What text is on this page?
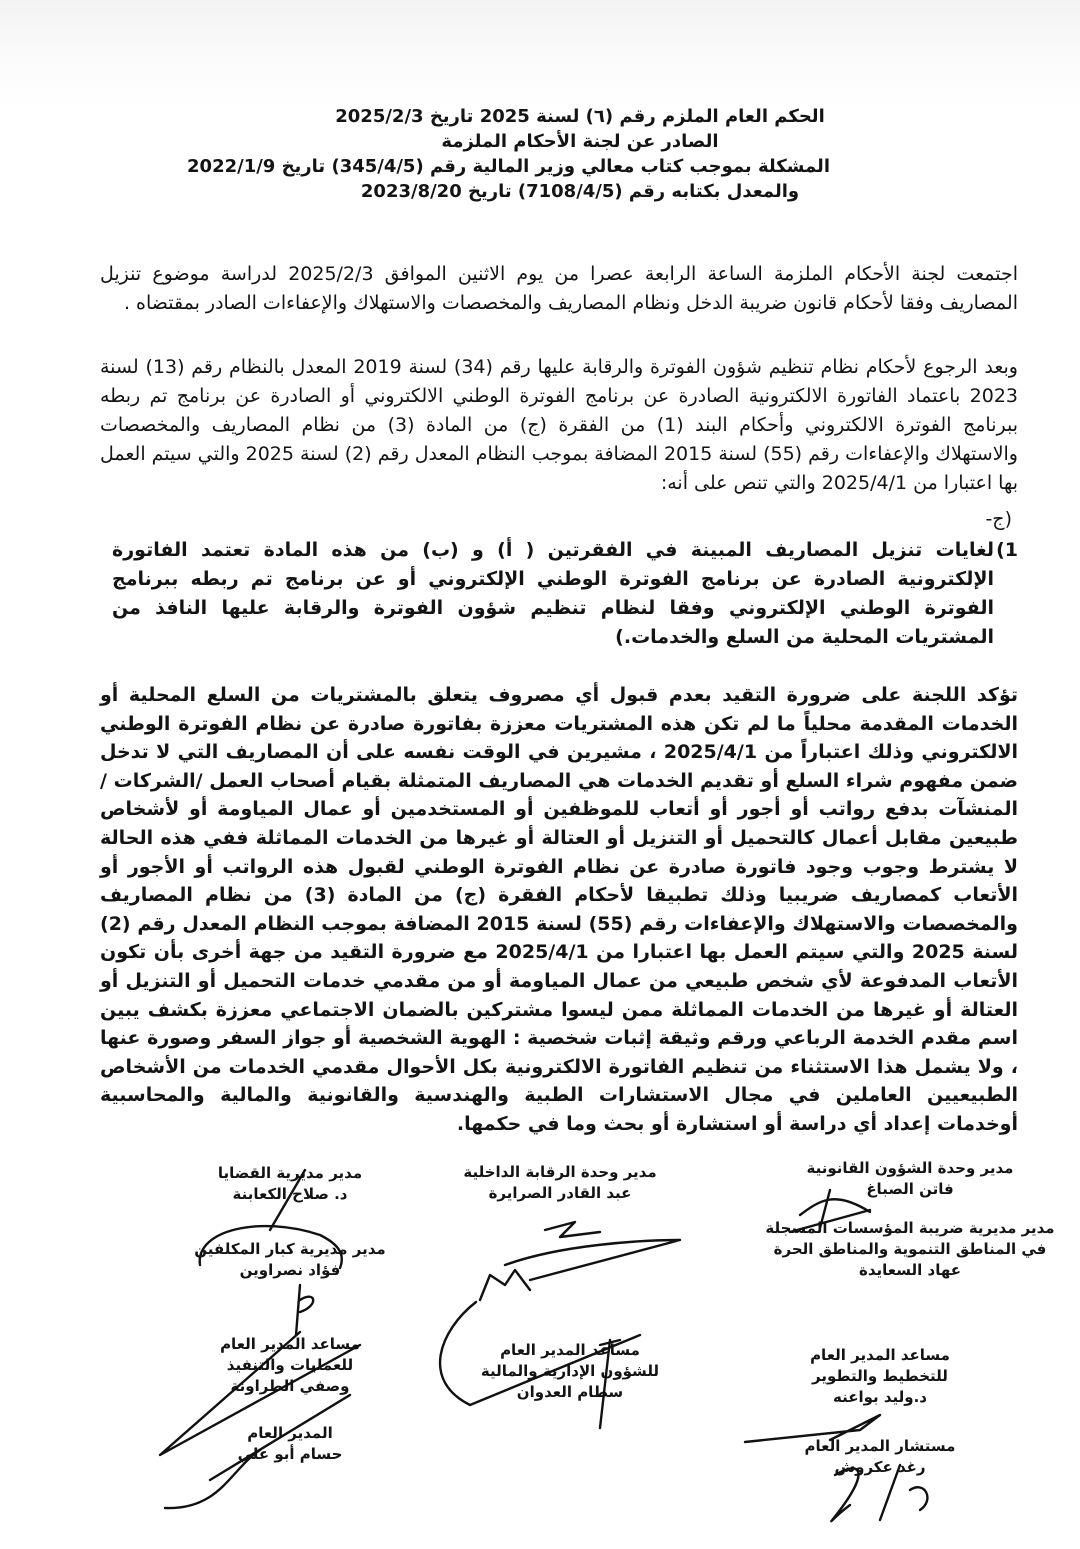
الحكم العام الملزم رقم (٦) لسنة 2025 تاريخ 2025/2/3
الصادر عن لجنة الأحكام الملزمة
المشكلة بموجب كتاب معالي وزير المالية رقم (345/4/5) تاريخ 2022/1/9
والمعدل بكتابه رقم (7108/4/5) تاريخ 2023/8/20
اجتمعت لجنة الأحكام الملزمة الساعة الرابعة عصرا من يوم الاثنين الموافق 2025/2/3 لدراسة موضوع تنزيل المصاريف وفقا لأحكام قانون ضريبة الدخل ونظام المصاريف والمخصصات والاستهلاك والإعفاءات الصادر بمقتضاه .
وبعد الرجوع لأحكام نظام تنظيم شؤون الفوترة والرقابة عليها رقم (34) لسنة 2019 المعدل بالنظام رقم (13) لسنة 2023 باعتماد الفاتورة الالكترونية الصادرة عن برنامج الفوترة الوطني الالكتروني أو الصادرة عن برنامج تم ربطه ببرنامج الفوترة الالكتروني وأحكام البند (1) من الفقرة (ج) من المادة (3) من نظام المصاريف والمخصصات والاستهلاك والإعفاءات رقم (55) لسنة 2015 المضافة بموجب النظام المعدل رقم (2) لسنة 2025 والتي سيتم العمل بها اعتبارا من 2025/4/1 والتي تنص على أنه:
(ج-
1)
لغايات تنزيل المصاريف المبينة في الفقرتين ( أ) و (ب) من هذه المادة تعتمد الفاتورة الإلكترونية الصادرة عن برنامج الفوترة الوطني الإلكتروني أو عن برنامج تم ربطه ببرنامج الفوترة الوطني الإلكتروني وفقا لنظام تنظيم شؤون الفوترة والرقابة عليها النافذ من المشتريات المحلية من السلع والخدمات.)
تؤكد اللجنة على ضرورة التقيد بعدم قبول أي مصروف يتعلق بالمشتريات من السلع المحلية أو الخدمات المقدمة محلياً ما لم تكن هذه المشتريات معززة بفاتورة صادرة عن نظام الفوترة الوطني الالكتروني وذلك اعتباراً من 2025/4/1 ، مشيرين في الوقت نفسه على أن المصاريف التي لا تدخل ضمن مفهوم شراء السلع أو تقديم الخدمات هي المصاريف المتمثلة بقيام أصحاب العمل /الشركات /المنشآت بدفع رواتب أو أجور أو أتعاب للموظفين أو المستخدمين أو عمال المياومة أو لأشخاص طبيعين مقابل أعمال كالتحميل أو التنزيل أو العتالة أو غيرها من الخدمات المماثلة ففي هذه الحالة لا يشترط وجوب وجود فاتورة صادرة عن نظام الفوترة الوطني لقبول هذه الرواتب أو الأجور أو الأتعاب كمصاريف ضريبيا وذلك تطبيقا لأحكام الفقرة (ج) من المادة (3) من نظام المصاريف والمخصصات والاستهلاك والإعفاءات رقم (55) لسنة 2015 المضافة بموجب النظام المعدل رقم (2) لسنة 2025 والتي سيتم العمل بها اعتبارا من 2025/4/1 مع ضرورة التقيد من جهة أخرى بأن تكون الأتعاب المدفوعة لأي شخص طبيعي من عمال المياومة أو من مقدمي خدمات التحميل أو التنزيل أو العتالة أو غيرها من الخدمات المماثلة ممن ليسوا مشتركين بالضمان الاجتماعي معززة بكشف يبين اسم مقدم الخدمة الرباعي ورقم وثيقة إثبات شخصية : الهوية الشخصية أو جواز السفر وصورة عنها ، ولا يشمل هذا الاستثناء من تنظيم الفاتورة الالكترونية بكل الأحوال مقدمي الخدمات من الأشخاص الطبيعيين العاملين في مجال الاستشارات الطبية والهندسية والقانونية والمالية والمحاسبية أوخدمات إعداد أي دراسة أو استشارة أو بحث وما في حكمها.
مدير وحدة الشؤون القانونية
فاتن الصباغ
مدير مديرية ضريبة المؤسسات المسجلة
في المناطق التنموية والمناطق الحرة
عهاد السعايدة
مدير وحدة الرقابة الداخلية
عبد القادر الصرايرة
مدير مديرية القضايا
د. صلاح الكعابنة
مدير مديرية كبار المكلفين
فؤاد نصراوين
مساعد المدير العام
للتخطيط والتطوير
د.وليد بواعنه
مستشار المدير العام
رغد عكروش
مساعد المدير العام
للشؤون الإدارية والمالية
سطام العدوان
مساعد المدير العام
للعمليات والتنفيذ
وصفي الطراونة
المدير العام
حسام أبو علي
